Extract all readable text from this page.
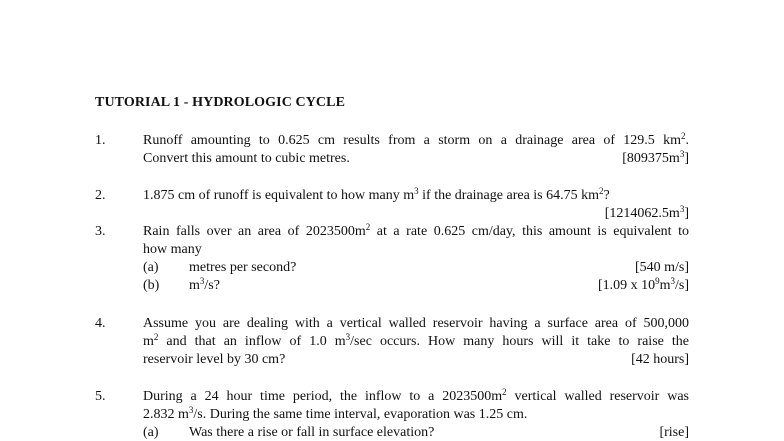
TUTORIAL 1 - HYDROLOGIC CYCLE
1.	Runoff amounting to 0.625 cm results from a storm on a drainage area of 129.5 $km^2$.
Convert this amount to cubic metres.	$[809375m^3]$
2.	1.875 cm of runoff is equivalent to how many $m^3$ if the drainage area is 64.75 $km^2$?
$[1214062.5m^3]$
3.	Rain falls over an area of $2023500m^2$ at a rate 0.625 cm/day, this amount is equivalent to
how many
(a) metres per second?	[540 m/s]
(b) $m^3/s$?	[1.09 x $10^9m^3/s$]
4.	Assume you are dealing with a vertical walled reservoir having a surface area of 500,000
$m^2$ and that an inflow of 1.0 $m^3/\sec$ occurs. How many hours will it take to raise the
reservoir level by 30 cm?	[42 hours]
5.	During a 24 hour time period, the inflow to a $2023500m^2$ vertical walled reservoir was
2.832 $m^3/s$. During the same time interval, evaporation was 1.25 cm.
(a) Was there a rise or fall in surface elevation?	[rise]
